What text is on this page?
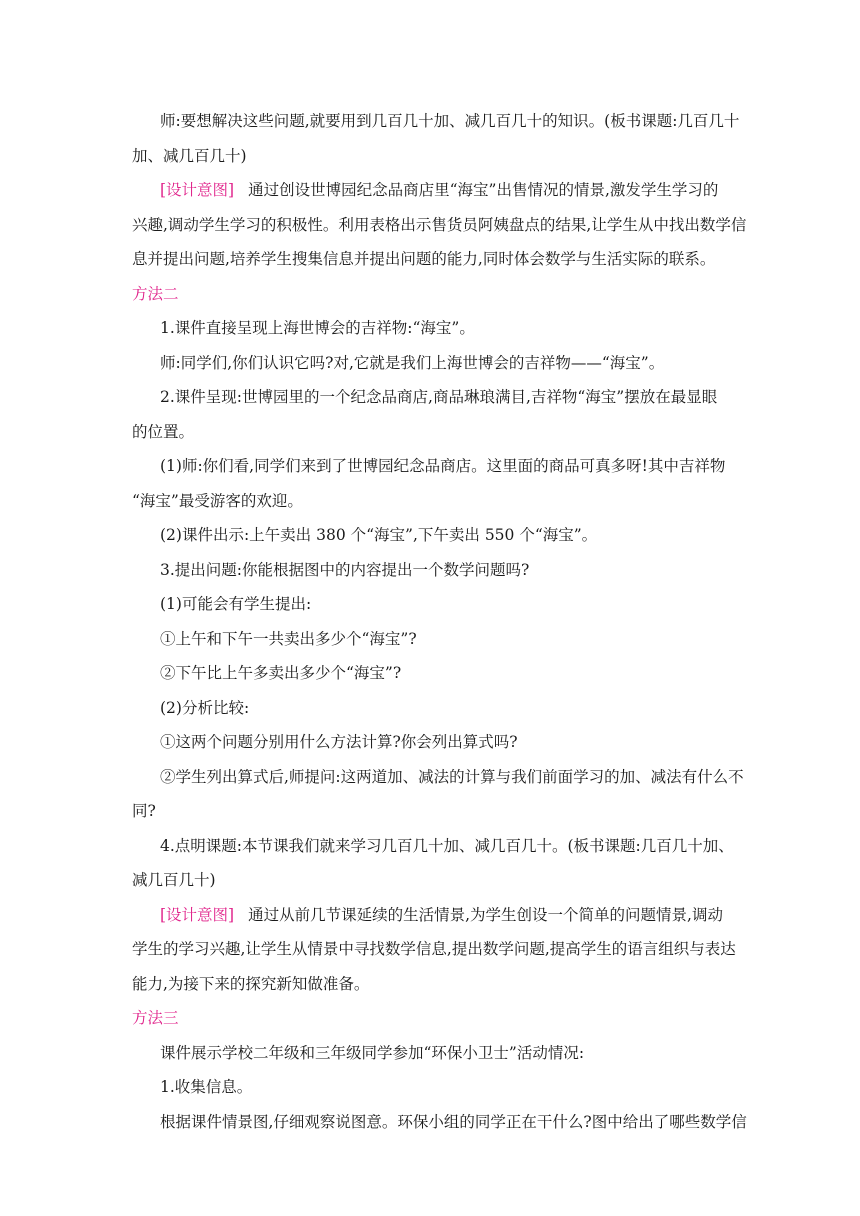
师:要想解决这些问题,就要用到几百几十加、减几百几十的知识。(板书课题:几百几十
加、减几百几十)
[设计意图] 通过创设世博园纪念品商店里“海宝”出售情况的情景,激发学生学习的
兴趣,调动学生学习的积极性。利用表格出示售货员阿姨盘点的结果,让学生从中找出数学信
息并提出问题,培养学生搜集信息并提出问题的能力,同时体会数学与生活实际的联系。
方法二
1.课件直接呈现上海世博会的吉祥物:“海宝”。
师:同学们,你们认识它吗?对,它就是我们上海世博会的吉祥物——“海宝”。
2.课件呈现:世博园里的一个纪念品商店,商品琳琅满目,吉祥物“海宝”摆放在最显眼
的位置。
(1)师:你们看,同学们来到了世博园纪念品商店。这里面的商品可真多呀!其中吉祥物
“海宝”最受游客的欢迎。
(2)课件出示:上午卖出 380 个“海宝”,下午卖出 550 个“海宝”。
3.提出问题:你能根据图中的内容提出一个数学问题吗?
(1)可能会有学生提出:
①上午和下午一共卖出多少个“海宝”?
②下午比上午多卖出多少个“海宝”?
(2)分析比较:
①这两个问题分别用什么方法计算?你会列出算式吗?
②学生列出算式后,师提问:这两道加、减法的计算与我们前面学习的加、减法有什么不
同?
4.点明课题:本节课我们就来学习几百几十加、减几百几十。(板书课题:几百几十加、
减几百几十)
[设计意图] 通过从前几节课延续的生活情景,为学生创设一个简单的问题情景,调动
学生的学习兴趣,让学生从情景中寻找数学信息,提出数学问题,提高学生的语言组织与表达
能力,为接下来的探究新知做准备。
方法三
课件展示学校二年级和三年级同学参加“环保小卫士”活动情况:
1.收集信息。
根据课件情景图,仔细观察说图意。环保小组的同学正在干什么?图中给出了哪些数学信
